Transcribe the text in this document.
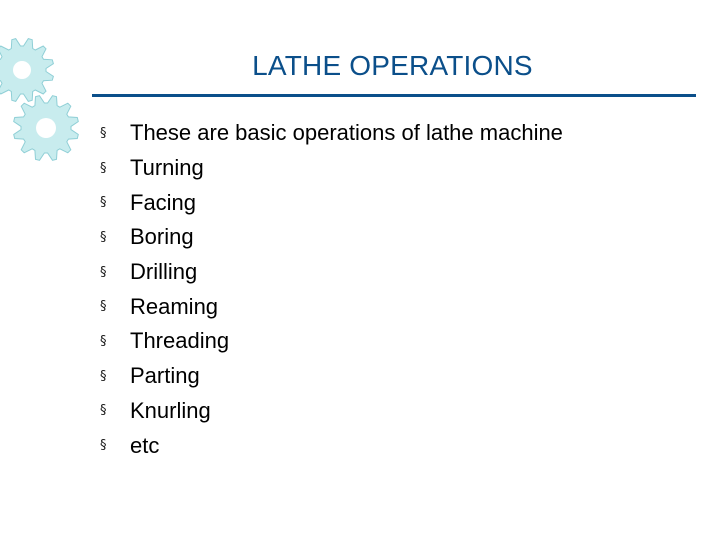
LATHE OPERATIONS
§	These are basic operations of lathe machine
§	Turning
§	Facing
§	Boring
§	Drilling
§	Reaming
§	Threading
§	Parting
§	Knurling
§	etc
